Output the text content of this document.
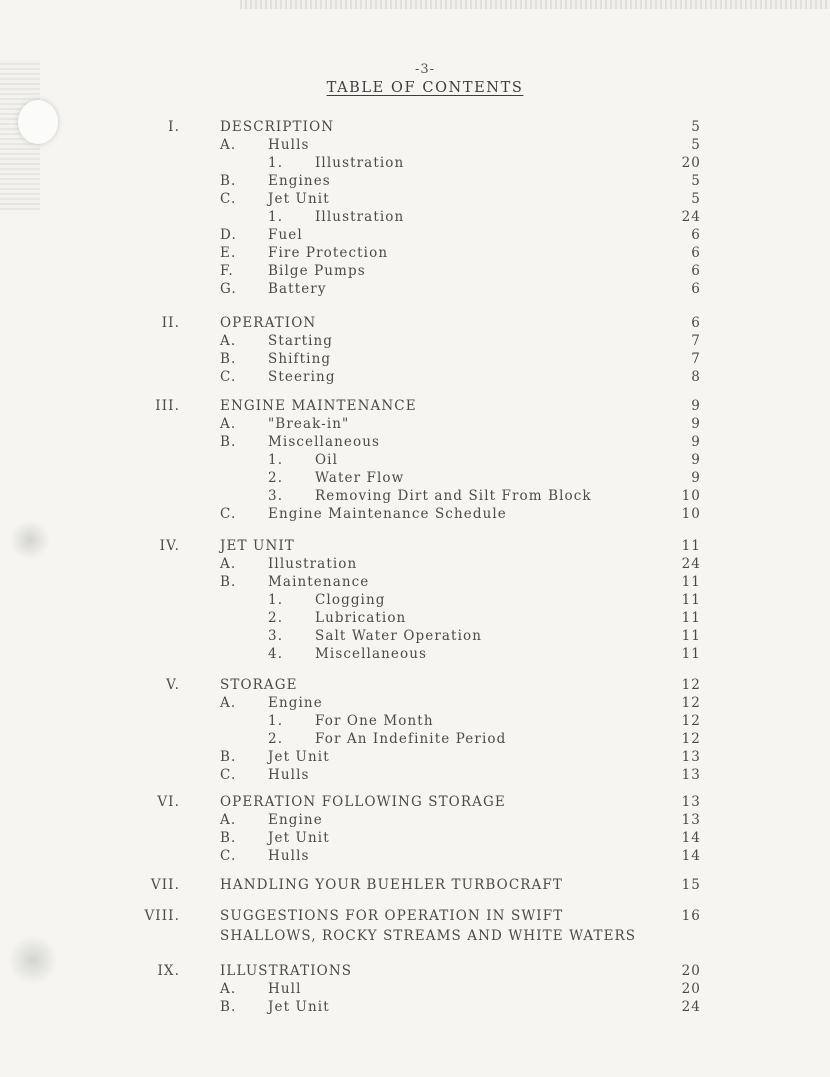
-3-
TABLE OF CONTENTS
I.	DESCRIPTION	5
A.	Hulls	5
1.	Illustration	20
B.	Engines	5
C.	Jet Unit	5
1.	Illustration	24
D.	Fuel	6
E.	Fire Protection	6
F.	Bilge Pumps	6
G.	Battery	6
II.	OPERATION	6
A.	Starting	7
B.	Shifting	7
C.	Steering	8
III.	ENGINE MAINTENANCE	9
A.	"Break-in"	9
B.	Miscellaneous	9
1.	Oil	9
2.	Water Flow	9
3.	Removing Dirt and Silt From Block	10
C.	Engine Maintenance Schedule	10
IV.	JET UNIT	11
A.	Illustration	24
B.	Maintenance	11
1.	Clogging	11
2.	Lubrication	11
3.	Salt Water Operation	11
4.	Miscellaneous	11
V.	STORAGE	12
A.	Engine	12
1.	For One Month	12
2.	For An Indefinite Period	12
B.	Jet Unit	13
C.	Hulls	13
VI.	OPERATION FOLLOWING STORAGE	13
A.	Engine	13
B.	Jet Unit	14
C.	Hulls	14
VII.	HANDLING YOUR BUEHLER TURBOCRAFT	15
VIII.	SUGGESTIONS FOR OPERATION IN SWIFT	16
SHALLOWS, ROCKY STREAMS AND WHITE WATERS
IX.	ILLUSTRATIONS	20
A.	Hull	20
B.	Jet Unit	24
